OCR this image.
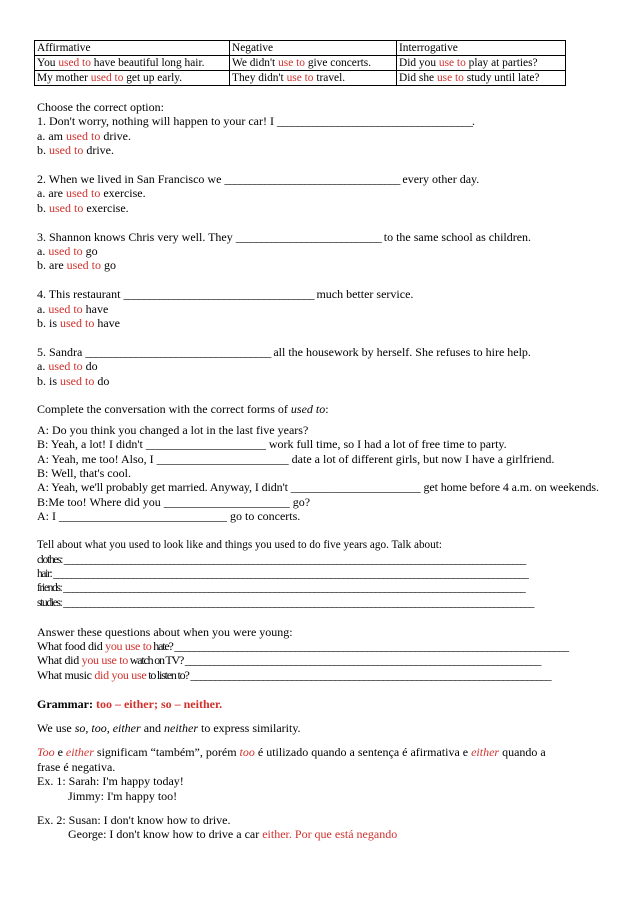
Affirmative	Negative	Interrogative
You used to have beautiful long hair.	We didn't use to give concerts.	Did you use to play at parties?
My mother used to get up early.	They didn't use to travel.	Did she use to study until late?

Choose the correct option:

1. Don't worry, nothing will happen to your car! I _______________________________________.

a. am used to drive.

b. used to drive.

2. When we lived in San Francisco we ___________________________________ every other day.

a. are used to exercise.

b. used to exercise.

3. Shannon knows Chris very well. They _____________________________ to the same school as children.

a. used to go

b. are used to go

4. This restaurant ______________________________________ much better service.

a. used to have

b. is used to have

5. Sandra _____________________________________ all the housework by herself. She refuses to hire help.

a. used to do

b. is used to do

Complete the conversation with the correct forms of used to:

A: Do you think you changed a lot in the last five years?

B: Yeah, a lot! I didn't ____________________ work full time, so I had a lot of free time to party.

A: Yeah, me too! Also, I ______________________ date a lot of different girls, but now I have a girlfriend.

B: Well, that's cool.

A: Yeah, we'll probably get married. Anyway, I didn't ______________________ get home before 4 a.m. on weekends.

B:Me too! Where did you _____________________ go?

A: I ____________________________ go to concerts.

Tell about what you used to look like and things you used to do five years ago. Talk about:

clothes: _________________________________________________________________________________________________________

hair: ____________________________________________________________________________________________________________

friends: _________________________________________________________________________________________________________

studies: ___________________________________________________________________________________________________________

Answer these questions about when you were young:

What food did you use to hate? __________________________________________________________________________________

What did you use to watch on TV? __________________________________________________________________________

What music did you use to listen to? ___________________________________________________________________________

Grammar: too – either; so – neither.

We use so, too, either and neither to express similarity.

Too e either significam “também”, porém too é utilizado quando a sentença é afirmativa e either quando a

frase é negativa.

Ex. 1: Sarah: I'm happy today!

Jimmy: I'm happy too!

Ex. 2: Susan: I don't know how to drive.

George: I don't know how to drive a car either. Por que está negando
